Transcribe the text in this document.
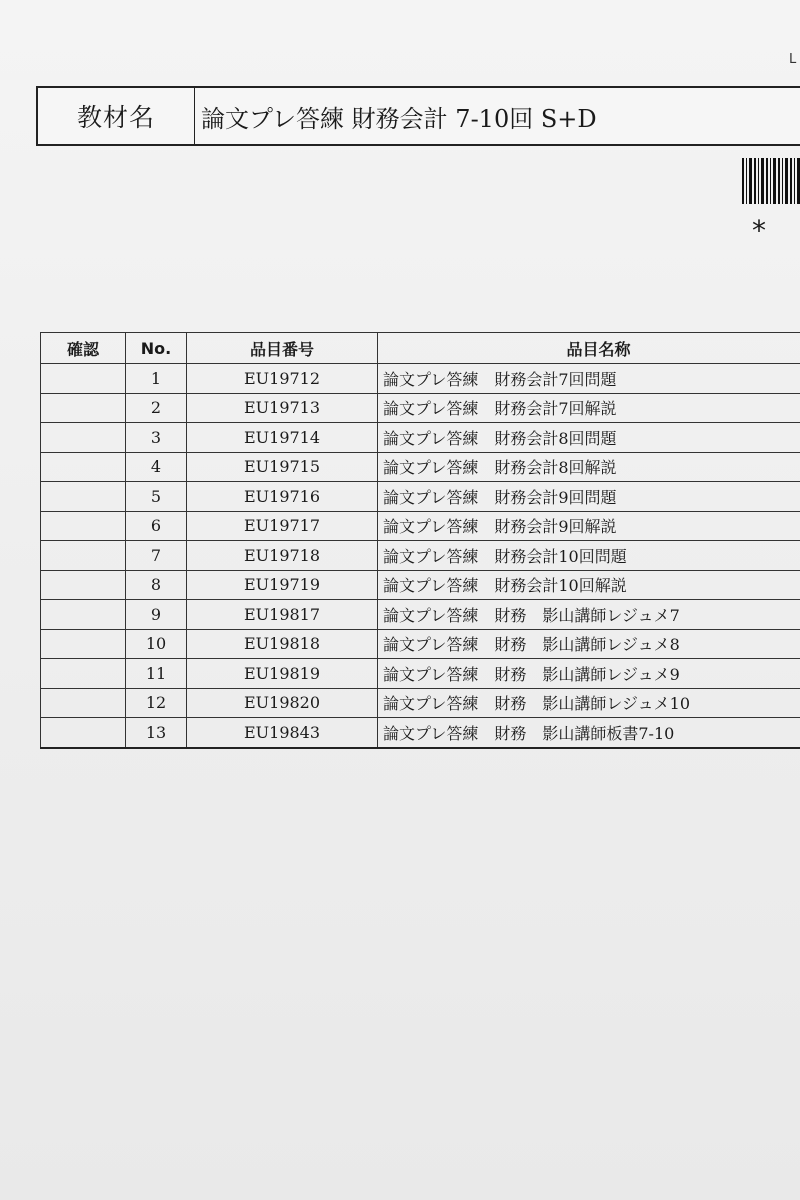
L
教材名	論文プレ答練 財務会計 7-10回 S+D
*
確認	No.	品目番号	品目名称
	1	EU19712	論文プレ答練　財務会計7回問題
	2	EU19713	論文プレ答練　財務会計7回解説
	3	EU19714	論文プレ答練　財務会計8回問題
	4	EU19715	論文プレ答練　財務会計8回解説
	5	EU19716	論文プレ答練　財務会計9回問題
	6	EU19717	論文プレ答練　財務会計9回解説
	7	EU19718	論文プレ答練　財務会計10回問題
	8	EU19719	論文プレ答練　財務会計10回解説
	9	EU19817	論文プレ答練　財務　影山講師レジュメ7
	10	EU19818	論文プレ答練　財務　影山講師レジュメ8
	11	EU19819	論文プレ答練　財務　影山講師レジュメ9
	12	EU19820	論文プレ答練　財務　影山講師レジュメ10
	13	EU19843	論文プレ答練　財務　影山講師板書7-10
